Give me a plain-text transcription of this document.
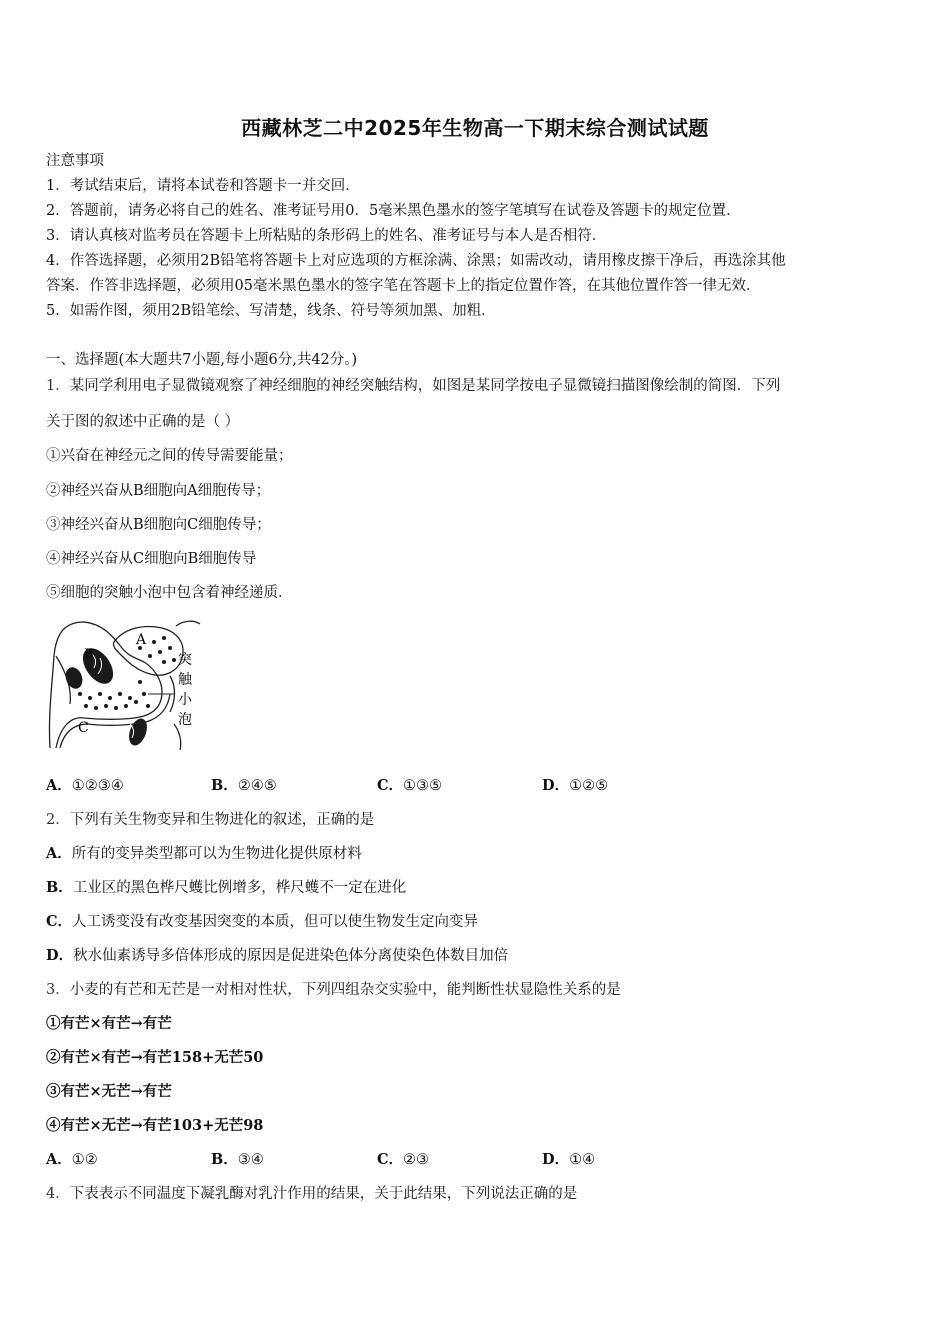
西藏林芝二中2025年生物高一下期末综合测试试题
注意事项
1．考试结束后，请将本试卷和答题卡一并交回．
2．答题前，请务必将自己的姓名、准考证号用0．5毫米黑色墨水的签字笔填写在试卷及答题卡的规定位置．
3．请认真核对监考员在答题卡上所粘贴的条形码上的姓名、准考证号与本人是否相符．
4．作答选择题，必须用2B铅笔将答题卡上对应选项的方框涂满、涂黑；如需改动，请用橡皮擦干净后，再选涂其他
答案．作答非选择题，必须用05毫米黑色墨水的签字笔在答题卡上的指定位置作答，在其他位置作答一律无效．
5．如需作图，须用2B铅笔绘、写清楚，线条、符号等须加黑、加粗．
一、选择题(本大题共7小题,每小题6分,共42分。)
1．某同学利用电子显微镜观察了神经细胞的神经突触结构，如图是某同学按电子显微镜扫描图像绘制的简图．下列
关于图的叙述中正确的是（ ）
①兴奋在神经元之间的传导需要能量；
②神经兴奋从B细胞向A细胞传导；
③神经兴奋从B细胞向C细胞传导；
④神经兴奋从C细胞向B细胞传导
⑤细胞的突触小泡中包含着神经递质．
A
B
C
突
触
小
泡
A．①②③④	B．②④⑤	C．①③⑤	D．①②⑤
2．下列有关生物变异和生物进化的叙述，正确的是
A．所有的变异类型都可以为生物进化提供原材料
B．工业区的黑色桦尺蠖比例增多，桦尺蠖不一定在进化
C．人工诱变没有改变基因突变的本质，但可以使生物发生定向变异
D．秋水仙素诱导多倍体形成的原因是促进染色体分离使染色体数目加倍
3．小麦的有芒和无芒是一对相对性状，下列四组杂交实验中，能判断性状显隐性关系的是
①有芒×有芒→有芒
②有芒×有芒→有芒158+无芒50
③有芒×无芒→有芒
④有芒×无芒→有芒103+无芒98
A．①②	B．③④	C．②③	D．①④
4．下表表示不同温度下凝乳酶对乳汁作用的结果，关于此结果，下列说法正确的是
